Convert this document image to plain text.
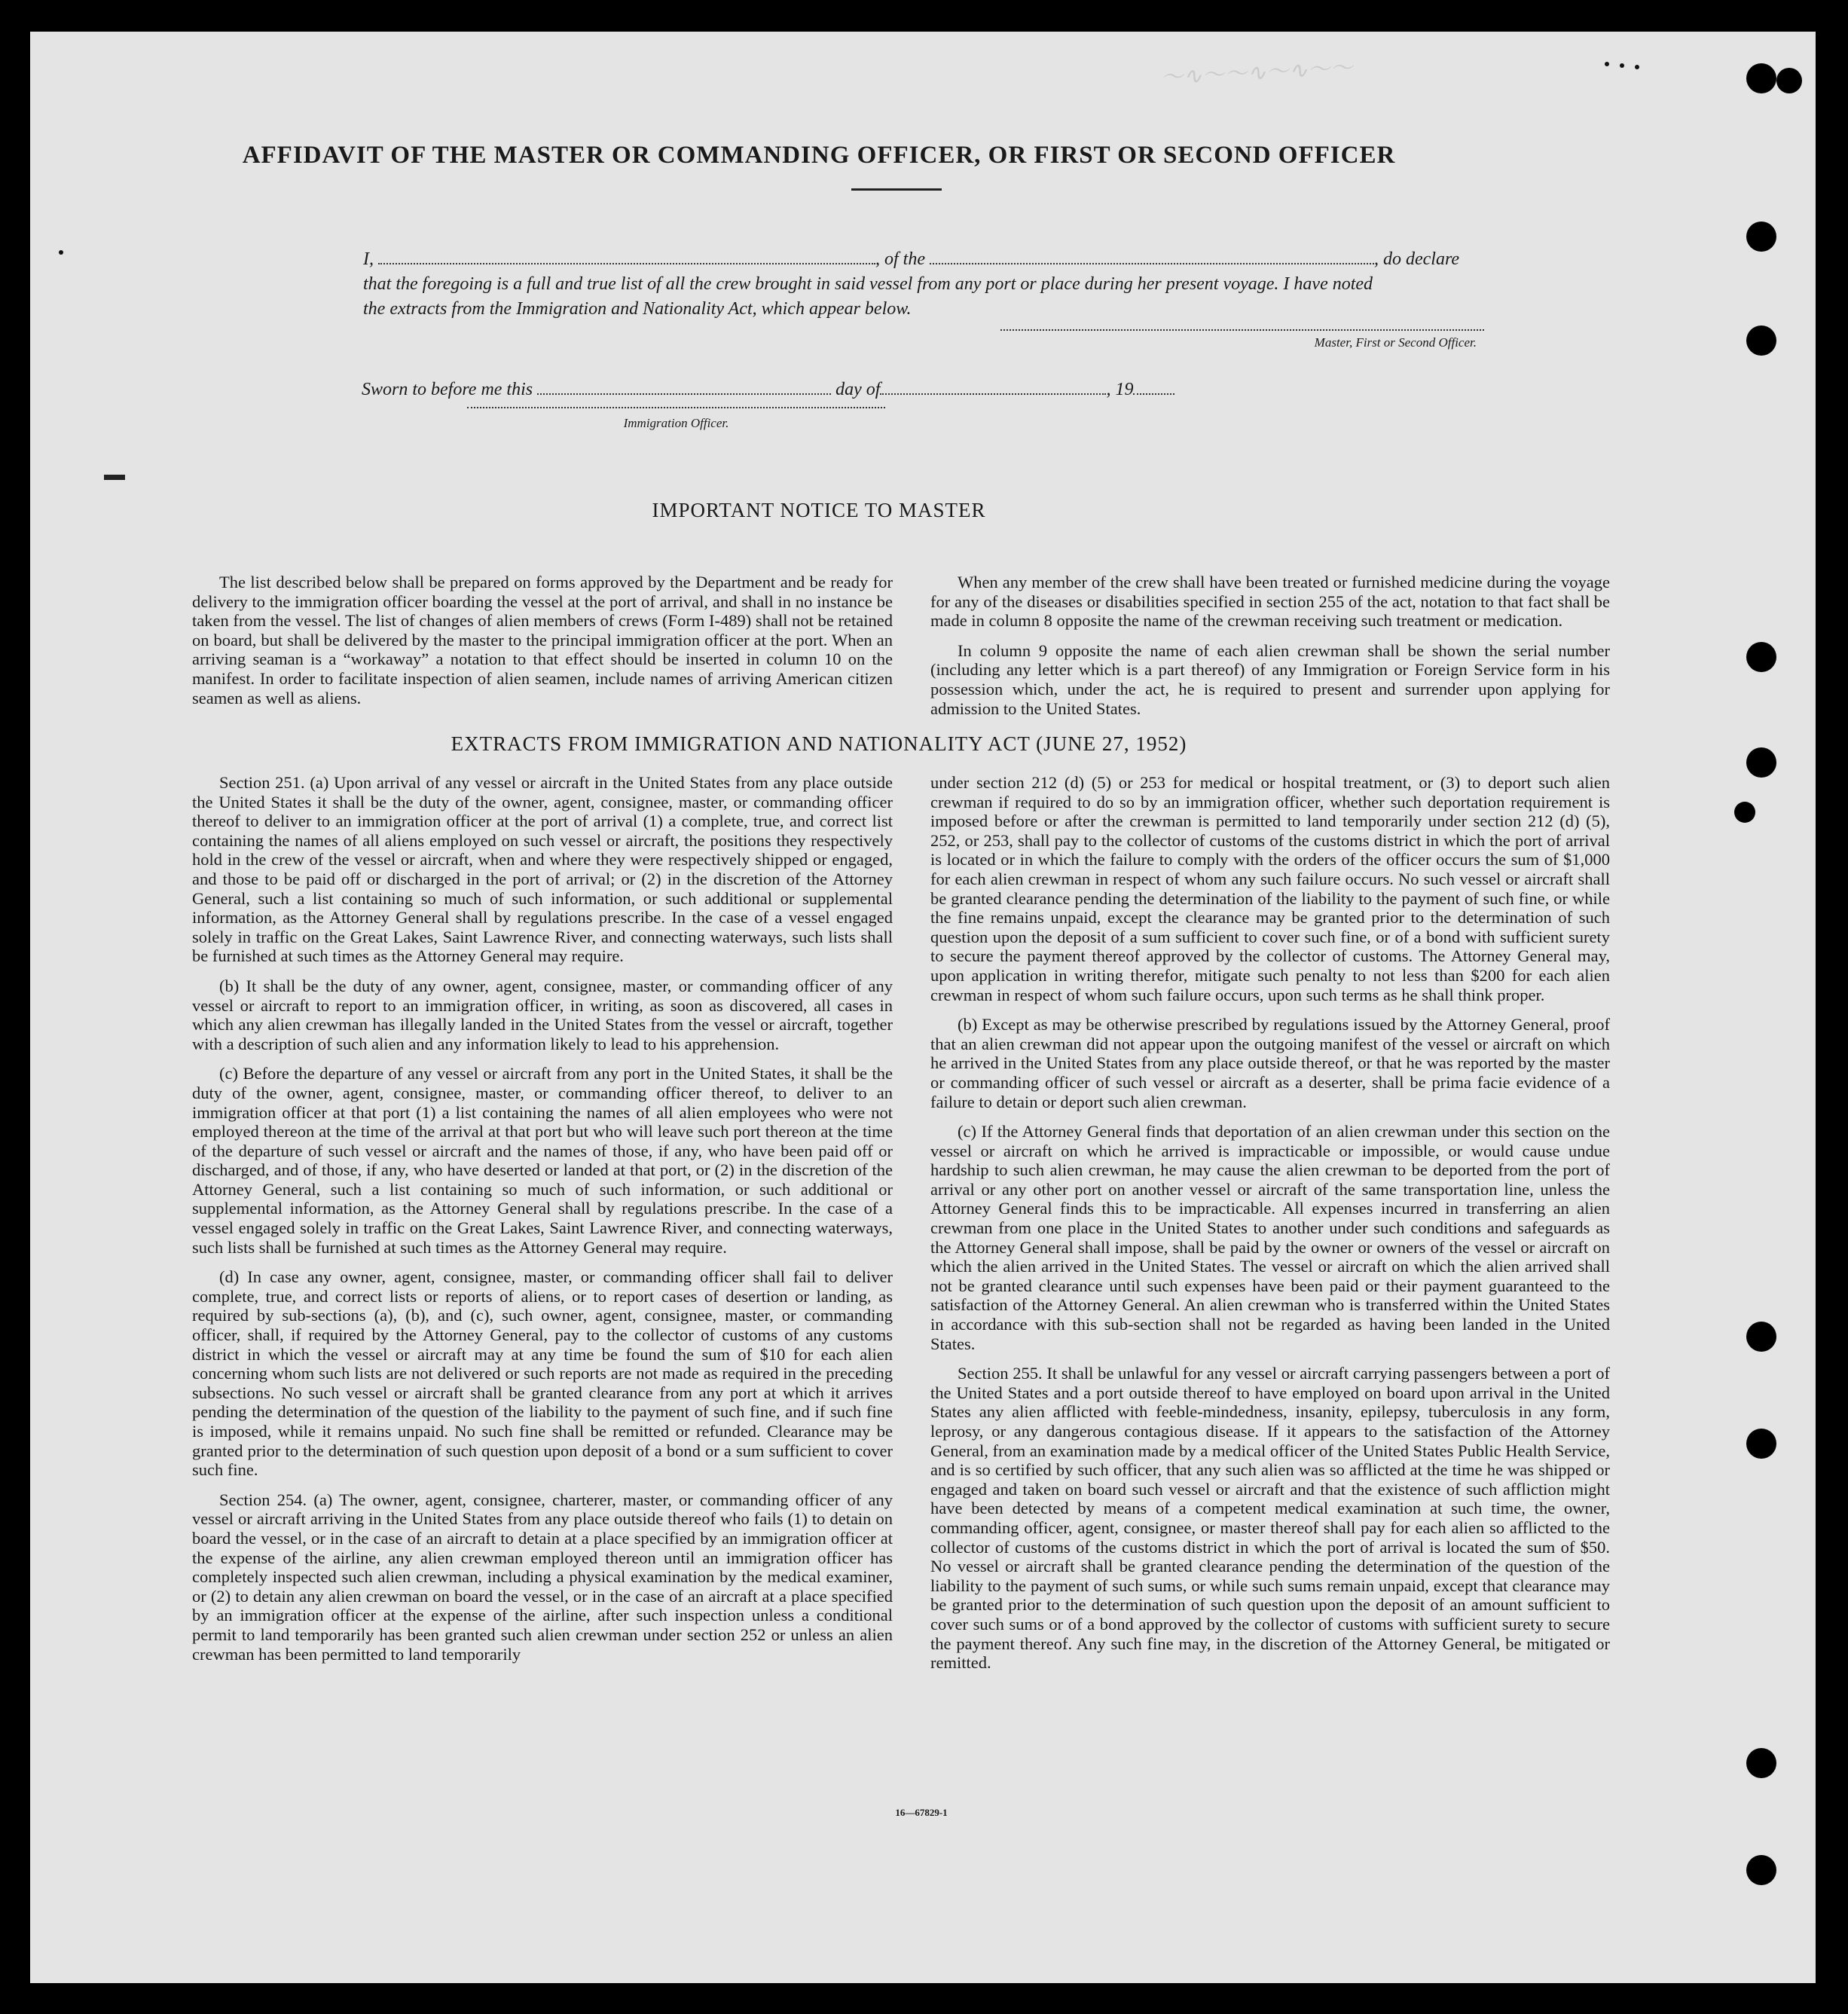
～∿～～∿～∿～～
AFFIDAVIT OF THE MASTER OR COMMANDING OFFICER, OR FIRST OR SECOND OFFICER
I,	, of the	, do declare
that the foregoing is a full and true list of all the crew brought in said vessel from any port or place during her present voyage. I have noted
the extracts from the Immigration and Nationality Act, which appear below.
Master, First or Second Officer.
Sworn to before me this	day of	, 19
Immigration Officer.
IMPORTANT NOTICE TO MASTER

The list described below shall be prepared on forms approved by the Department and be ready for delivery to the immigration officer boarding the vessel at the port of arrival, and shall in no instance be taken from the vessel. The list of changes of alien members of crews (Form I-489) shall not be retained on board, but shall be delivered by the master to the principal immigration officer at the port. When an arriving seaman is a “workaway” a notation to that effect should be inserted in column 10 on the manifest. In order to facilitate inspection of alien seamen, include names of arriving American citizen seamen as well as aliens.

When any member of the crew shall have been treated or furnished medicine during the voyage for any of the diseases or disabilities specified in section 255 of the act, notation to that fact shall be made in column 8 opposite the name of the crewman receiving such treatment or medication.

In column 9 opposite the name of each alien crewman shall be shown the serial number (including any letter which is a part thereof) of any Immigration or Foreign Service form in his possession which, under the act, he is required to present and surrender upon applying for admission to the United States.

EXTRACTS FROM IMMIGRATION AND NATIONALITY ACT (JUNE 27, 1952)

Section 251. (a) Upon arrival of any vessel or aircraft in the United States from any place outside the United States it shall be the duty of the owner, agent, consignee, master, or commanding officer thereof to deliver to an immigration officer at the port of arrival (1) a complete, true, and correct list containing the names of all aliens employed on such vessel or aircraft, the positions they respectively hold in the crew of the vessel or aircraft, when and where they were respectively shipped or engaged, and those to be paid off or discharged in the port of arrival; or (2) in the discretion of the Attorney General, such a list containing so much of such information, or such additional or supplemental information, as the Attorney General shall by regulations prescribe. In the case of a vessel engaged solely in traffic on the Great Lakes, Saint Lawrence River, and connecting waterways, such lists shall be furnished at such times as the Attorney General may require.

(b) It shall be the duty of any owner, agent, consignee, master, or commanding officer of any vessel or aircraft to report to an immigration officer, in writing, as soon as discovered, all cases in which any alien crewman has illegally landed in the United States from the vessel or aircraft, together with a description of such alien and any information likely to lead to his apprehension.

(c) Before the departure of any vessel or aircraft from any port in the United States, it shall be the duty of the owner, agent, consignee, master, or commanding officer thereof, to deliver to an immigration officer at that port (1) a list containing the names of all alien employees who were not employed thereon at the time of the arrival at that port but who will leave such port thereon at the time of the departure of such vessel or aircraft and the names of those, if any, who have been paid off or discharged, and of those, if any, who have deserted or landed at that port, or (2) in the discretion of the Attorney General, such a list containing so much of such information, or such additional or supplemental information, as the Attorney General shall by regulations prescribe. In the case of a vessel engaged solely in traffic on the Great Lakes, Saint Lawrence River, and connecting waterways, such lists shall be furnished at such times as the Attorney General may require.

(d) In case any owner, agent, consignee, master, or commanding officer shall fail to deliver complete, true, and correct lists or reports of aliens, or to report cases of desertion or landing, as required by sub-sections (a), (b), and (c), such owner, agent, consignee, master, or commanding officer, shall, if required by the Attorney General, pay to the collector of customs of any customs district in which the vessel or aircraft may at any time be found the sum of $10 for each alien concerning whom such lists are not delivered or such reports are not made as required in the preceding subsections. No such vessel or aircraft shall be granted clearance from any port at which it arrives pending the determination of the question of the liability to the payment of such fine, and if such fine is imposed, while it remains unpaid. No such fine shall be remitted or refunded. Clearance may be granted prior to the determination of such question upon deposit of a bond or a sum sufficient to cover such fine.

Section 254. (a) The owner, agent, consignee, charterer, master, or commanding officer of any vessel or aircraft arriving in the United States from any place outside thereof who fails (1) to detain on board the vessel, or in the case of an aircraft to detain at a place specified by an immigration officer at the expense of the airline, any alien crewman employed thereon until an immigration officer has completely inspected such alien crewman, including a physical examination by the medical examiner, or (2) to detain any alien crewman on board the vessel, or in the case of an aircraft at a place specified by an immigration officer at the expense of the airline, after such inspection unless a conditional permit to land temporarily has been granted such alien crewman under section 252 or unless an alien crewman has been permitted to land temporarily

under section 212 (d) (5) or 253 for medical or hospital treatment, or (3) to deport such alien crewman if required to do so by an immigration officer, whether such deportation requirement is imposed before or after the crewman is permitted to land temporarily under section 212 (d) (5), 252, or 253, shall pay to the collector of customs of the customs district in which the port of arrival is located or in which the failure to comply with the orders of the officer occurs the sum of $1,000 for each alien crewman in respect of whom any such failure occurs. No such vessel or aircraft shall be granted clearance pending the determination of the liability to the payment of such fine, or while the fine remains unpaid, except the clearance may be granted prior to the determination of such question upon the deposit of a sum sufficient to cover such fine, or of a bond with sufficient surety to secure the payment thereof approved by the collector of customs. The Attorney General may, upon application in writing therefor, mitigate such penalty to not less than $200 for each alien crewman in respect of whom such failure occurs, upon such terms as he shall think proper.

(b) Except as may be otherwise prescribed by regulations issued by the Attorney General, proof that an alien crewman did not appear upon the outgoing manifest of the vessel or aircraft on which he arrived in the United States from any place outside thereof, or that he was reported by the master or commanding officer of such vessel or aircraft as a deserter, shall be prima facie evidence of a failure to detain or deport such alien crewman.

(c) If the Attorney General finds that deportation of an alien crewman under this section on the vessel or aircraft on which he arrived is impracticable or impossible, or would cause undue hardship to such alien crewman, he may cause the alien crewman to be deported from the port of arrival or any other port on another vessel or aircraft of the same transportation line, unless the Attorney General finds this to be impracticable. All expenses incurred in transferring an alien crewman from one place in the United States to another under such conditions and safeguards as the Attorney General shall impose, shall be paid by the owner or owners of the vessel or aircraft on which the alien arrived in the United States. The vessel or aircraft on which the alien arrived shall not be granted clearance until such expenses have been paid or their payment guaranteed to the satisfaction of the Attorney General. An alien crewman who is transferred within the United States in accordance with this sub-section shall not be regarded as having been landed in the United States.

Section 255. It shall be unlawful for any vessel or aircraft carrying passengers between a port of the United States and a port outside thereof to have employed on board upon arrival in the United States any alien afflicted with feeble-mindedness, insanity, epilepsy, tuberculosis in any form, leprosy, or any dangerous contagious disease. If it appears to the satisfaction of the Attorney General, from an examination made by a medical officer of the United States Public Health Service, and is so certified by such officer, that any such alien was so afflicted at the time he was shipped or engaged and taken on board such vessel or aircraft and that the existence of such affliction might have been detected by means of a competent medical examination at such time, the owner, commanding officer, agent, consignee, or master thereof shall pay for each alien so afflicted to the collector of customs of the customs district in which the port of arrival is located the sum of $50. No vessel or aircraft shall be granted clearance pending the determination of the question of the liability to the payment of such sums, or while such sums remain unpaid, except that clearance may be granted prior to the determination of such question upon the deposit of an amount sufficient to cover such sums or of a bond approved by the collector of customs with sufficient surety to secure the payment thereof. Any such fine may, in the discretion of the Attorney General, be mitigated or remitted.

16—67829-1
